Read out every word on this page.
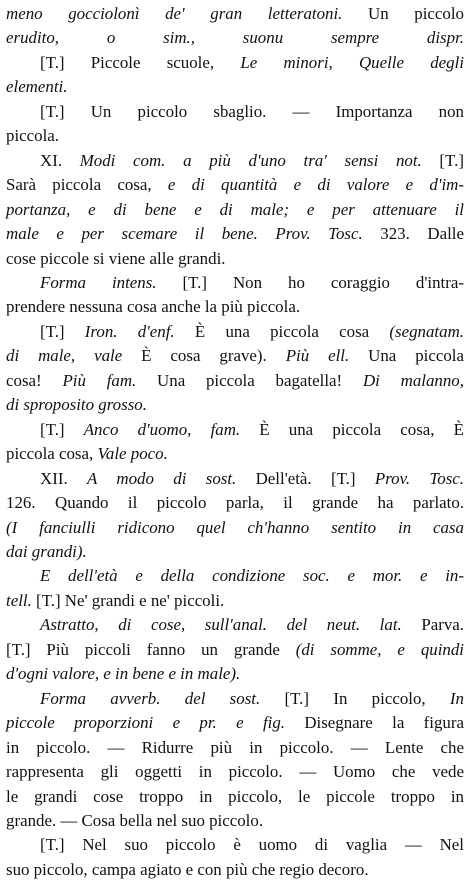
meno gocciolonì de' gran letteratoni. Un piccolo
erudito, o sim., suonu sempre dispr.
[T.] Piccole scuole, Le minori, Quelle degli
elementi.
[T.] Un piccolo sbaglio. — Importanza non
piccola.
XI. Modi com. a più d'uno tra' sensi not. [T.]
Sarà piccola cosa, e di quantità e di valore e d'im-
portanza, e di bene e di male; e per attenuare il
male e per scemare il bene. Prov. Tosc. 323. Dalle
cose piccole si viene alle grandi.
Forma intens. [T.] Non ho coraggio d'intra-
prendere nessuna cosa anche la più piccola.
[T.] Iron. d'enf. È una piccola cosa (segnatam.
di male, vale È cosa grave). Più ell. Una piccola
cosa! Più fam. Una piccola bagatella! Di malanno,
di sproposito grosso.
[T.] Anco d'uomo, fam. È una piccola cosa, È
piccola cosa, Vale poco.
XII. A modo di sost. Dell'età. [T.] Prov. Tosc.
126. Quando il piccolo parla, il grande ha parlato.
(I fanciulli ridicono quel ch'hanno sentito in casa
dai grandi).
E dell'età e della condizione soc. e mor. e in-
tell. [T.] Ne' grandi e ne' piccoli.
Astratto, di cose, sull'anal. del neut. lat. Parva.
[T.] Più piccoli fanno un grande (di somme, e quindi
d'ogni valore, e in bene e in male).
Forma avverb. del sost. [T.] In piccolo, In
piccole proporzioni e pr. e fig. Disegnare la figura
in piccolo. — Ridurre più in piccolo. — Lente che
rappresenta gli oggetti in piccolo. — Uomo che vede
le grandi cose troppo in piccolo, le piccole troppo in
grande. — Cosa bella nel suo piccolo.
[T.] Nel suo piccolo è uomo di vaglia — Nel
suo piccolo, campa agiato e con più che regio decoro.
